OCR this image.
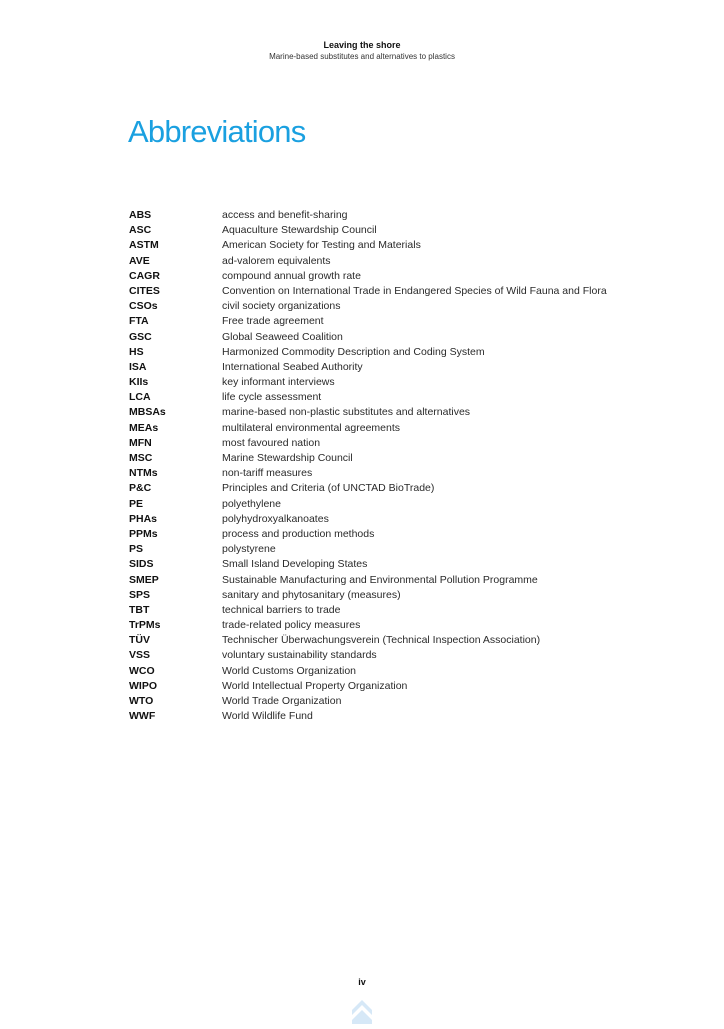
Leaving the shore
Marine-based substitutes and alternatives to plastics
Abbreviations
ABS	access and benefit-sharing
ASC	Aquaculture Stewardship Council
ASTM	American Society for Testing and Materials
AVE	ad-valorem equivalents
CAGR	compound annual growth rate
CITES	Convention on International Trade in Endangered Species of Wild Fauna and Flora
CSOs	civil society organizations
FTA	Free trade agreement
GSC	Global Seaweed Coalition
HS	Harmonized Commodity Description and Coding System
ISA	International Seabed Authority
KIIs	key informant interviews
LCA	life cycle assessment
MBSAs	marine-based non-plastic substitutes and alternatives
MEAs	multilateral environmental agreements
MFN	most favoured nation
MSC	Marine Stewardship Council
NTMs	non-tariff measures
P&C	Principles and Criteria (of UNCTAD BioTrade)
PE	polyethylene
PHAs	polyhydroxyalkanoates
PPMs	process and production methods
PS	polystyrene
SIDS	Small Island Developing States
SMEP	Sustainable Manufacturing and Environmental Pollution Programme
SPS	sanitary and phytosanitary (measures)
TBT	technical barriers to trade
TrPMs	trade-related policy measures
TÜV	Technischer Überwachungsverein (Technical Inspection Association)
VSS	voluntary sustainability standards
WCO	World Customs Organization
WIPO	World Intellectual Property Organization
WTO	World Trade Organization
WWF	World Wildlife Fund
iv
